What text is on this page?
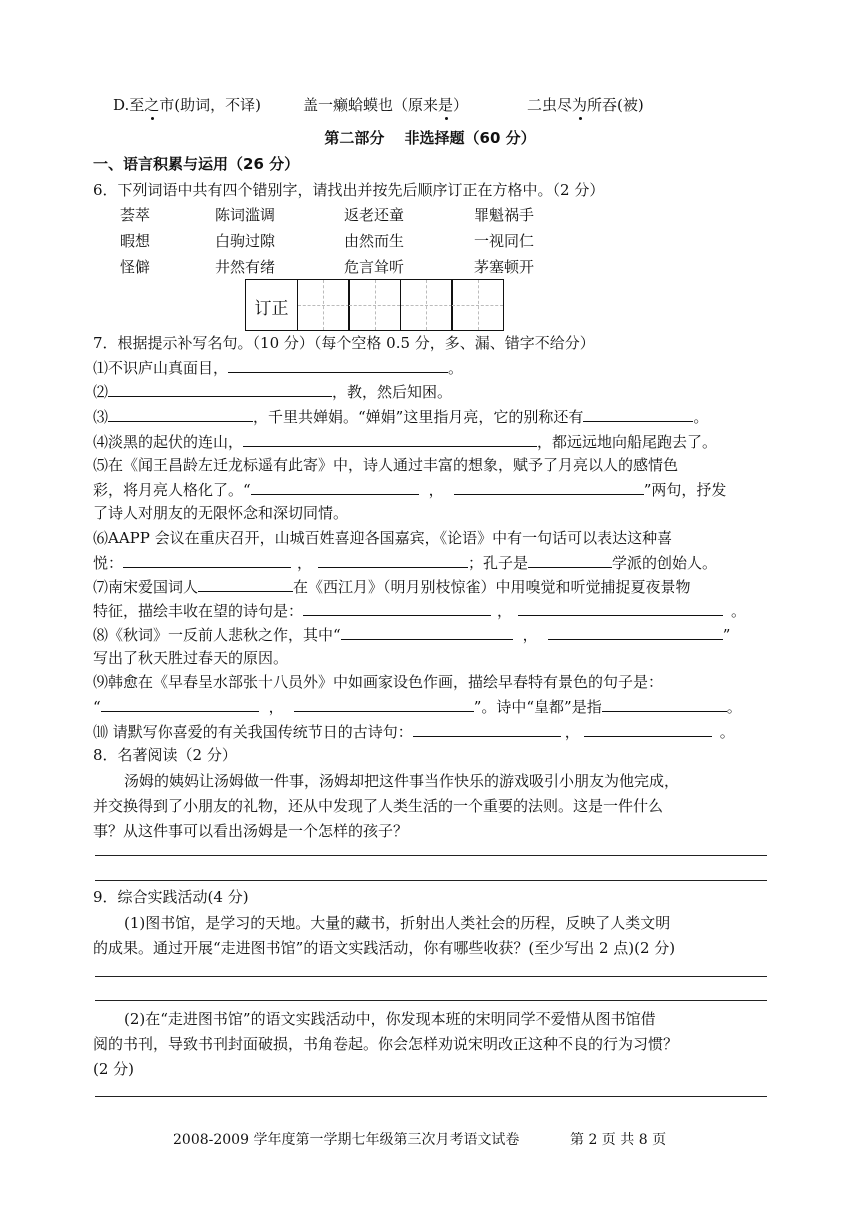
D.至之市(助词，不译)	盖一癞蛤蟆也（原来是）	二虫尽为所吞(被)
第二部分　 非选择题（60 分）
一、语言积累与运用（26 分）
6．下列词语中共有四个错别字，请找出并按先后顺序订正在方格中。（2 分）
荟萃	陈词滥调	返老还童	罪魁祸手
暇想	白驹过隙	由然而生	一视同仁
怪僻	井然有绪	危言耸听	茅塞顿开
订正
7．根据提示补写名句。（10 分）（每个空格 0.5 分，多、漏、错字不给分）
⑴不识庐山真面目，	。
⑵	，教，然后知困。
⑶	，千里共婵娟。“婵娟”这里指月亮，它的别称还有	。
⑷淡黑的起伏的连山，	，都远远地向船尾跑去了。
⑸在《闻王昌龄左迁龙标遥有此寄》中，诗人通过丰富的想象，赋予了月亮以人的感情色
彩，将月亮人格化了。“	，	”两句，抒发
了诗人对朋友的无限怀念和深切同情。
⑹AAPP 会议在重庆召开，山城百姓喜迎各国嘉宾，《论语》中有一句话可以表达这种喜
悦：	，	；孔子是	学派的创始人。
⑺南宋爱国词人	在《西江月》（明月别枝惊雀）中用嗅觉和听觉捕捉夏夜景物
特征，描绘丰收在望的诗句是：	，	。
⑻《秋词》一反前人悲秋之作，其中“	，	”
写出了秋天胜过春天的原因。
⑼韩愈在《早春呈水部张十八员外》中如画家设色作画，描绘早春特有景色的句子是：
“	，	”。诗中“皇都”是指	。
⑽ 请默写你喜爱的有关我国传统节日的古诗句：	，	。
8．名著阅读（2 分）
汤姆的姨妈让汤姆做一件事，汤姆却把这件事当作快乐的游戏吸引小朋友为他完成，
并交换得到了小朋友的礼物，还从中发现了人类生活的一个重要的法则。这是一件什么
事？从这件事可以看出汤姆是一个怎样的孩子？
9．综合实践活动(4 分)
(1)图书馆，是学习的天地。大量的藏书，折射出人类社会的历程，反映了人类文明
的成果。通过开展“走进图书馆”的语文实践活动，你有哪些收获？(至少写出 2 点)(2 分)
(2)在“走进图书馆”的语文实践活动中，你发现本班的宋明同学不爱惜从图书馆借
阅的书刊，导致书刊封面破损，书角卷起。你会怎样劝说宋明改正这种不良的行为习惯？
(2 分)
2008-2009 学年度第一学期七年级第三次月考语文试卷	第 2 页 共 8 页
